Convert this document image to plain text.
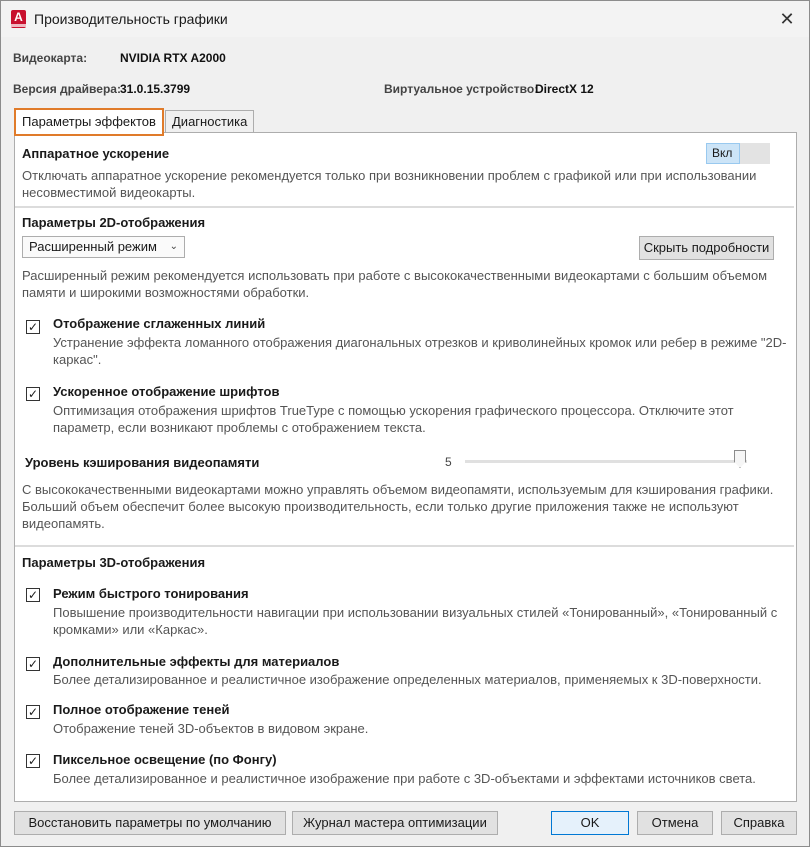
A Производительность графики	✕
Видеокарта:	NVIDIA RTX A2000
Версия драйвера: 31.0.15.3799	Виртуальное устройство:
DirectX 12
Параметры эффектов	Диагностика
Аппаратное ускорение	Вкл
Отключать аппаратное ускорение рекомендуется только при возникновении проблем с графикой или при использовании несовместимой видеокарты.
Параметры 2D-отображения
Расширенный режим ⌄	Скрыть подробности
Расширенный режим рекомендуется использовать при работе с высококачественными видеокартами с большим объемом памяти и широкими возможностями обработки.
✓ Отображение сглаженных линий
Устранение эффекта ломанного отображения диагональных отрезков и криволинейных кромок или ребер в режиме "2D-каркас".
✓ Ускоренное отображение шрифтов
Оптимизация отображения шрифтов TrueType с помощью ускорения графического процессора. Отключите этот параметр, если возникают проблемы с отображением текста.
Уровень кэширования видеопамяти	5
С высококачественными видеокартами можно управлять объемом видеопамяти, используемым для кэширования графики. Больший объем обеспечит более высокую производительность, если только другие приложения также не используют видеопамять.
Параметры 3D-отображения
✓ Режим быстрого тонирования
Повышение производительности навигации при использовании визуальных стилей «Тонированный», «Тонированный с кромками» или «Каркас».
✓ Дополнительные эффекты для материалов
Более детализированное и реалистичное изображение определенных материалов, применяемых к 3D-поверхности.
✓ Полное отображение теней
Отображение теней 3D-объектов в видовом экране.
✓ Пиксельное освещение (по Фонгу)
Более детализированное и реалистичное изображение при работе с 3D-объектами и эффектами источников света.
Восстановить параметры по умолчанию	Журнал мастера оптимизации	OK	Отмена	Справка
